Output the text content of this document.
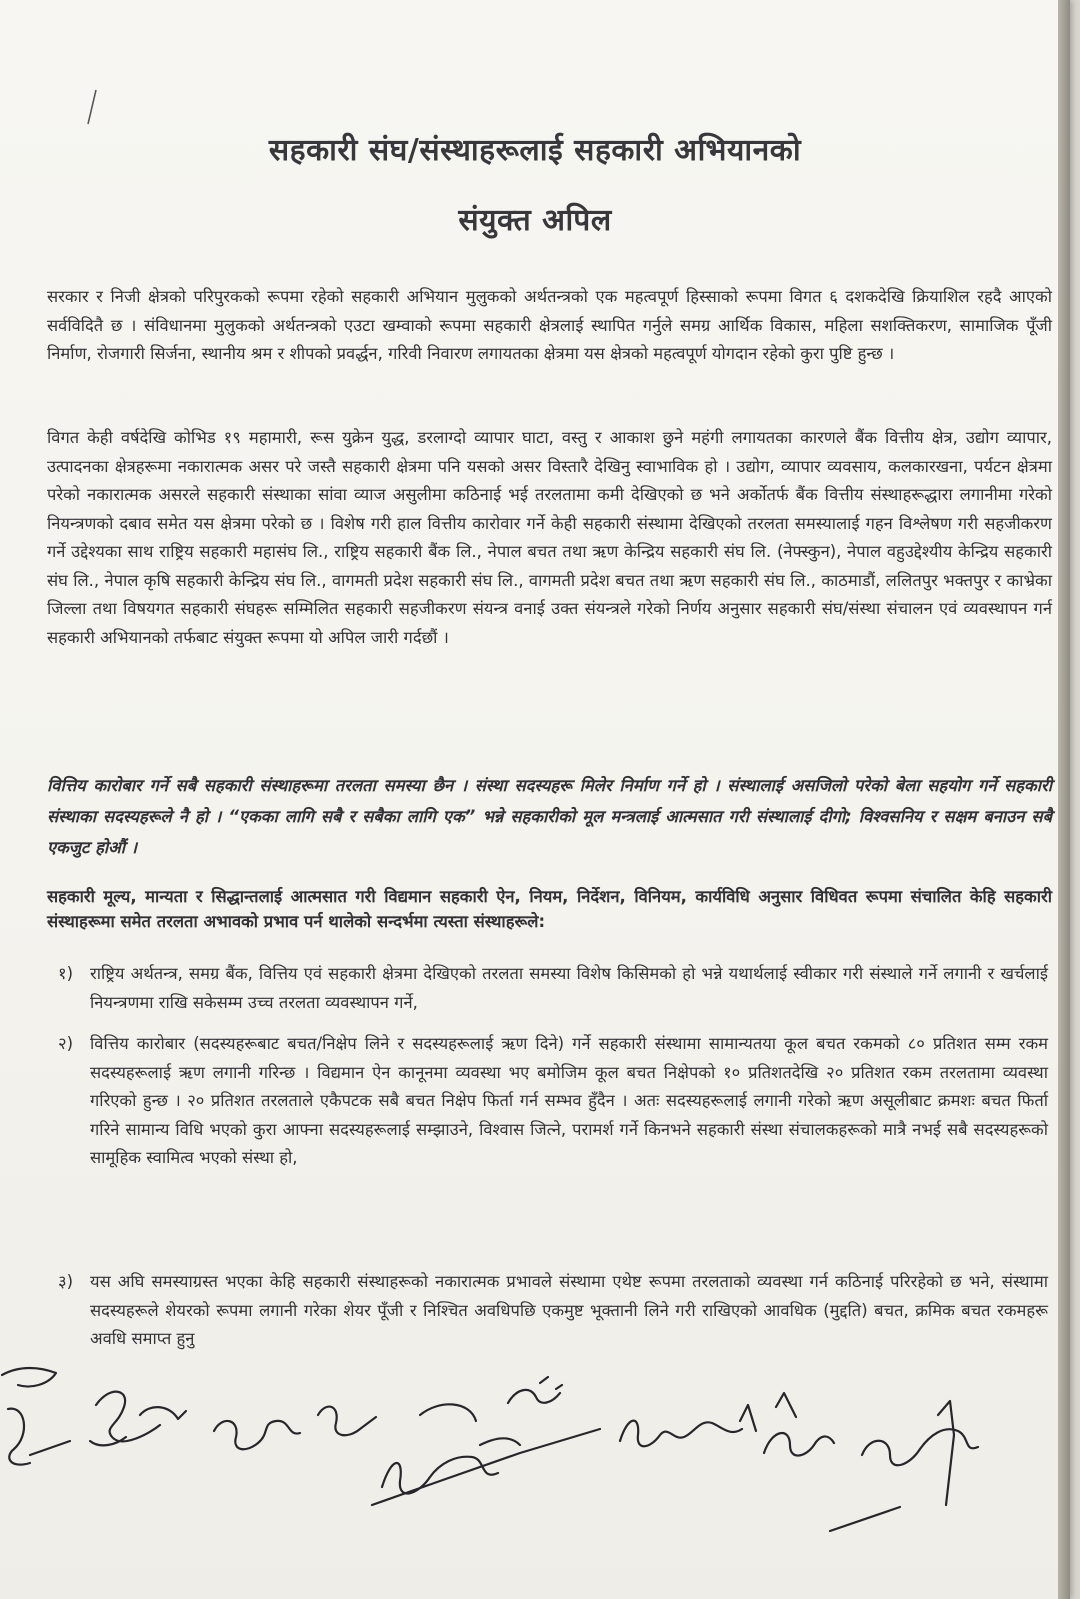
सहकारी संघ/संस्थाहरूलाई सहकारी अभियानको
संयुक्त अपिल
सरकार र निजी क्षेत्रको परिपुरकको रूपमा रहेको सहकारी अभियान मुलुकको अर्थतन्त्रको एक महत्वपूर्ण हिस्साको रूपमा विगत ६ दशकदेखि क्रियाशिल रहदै आएको सर्वविदितै छ । संविधानमा मुलुकको अर्थतन्त्रको एउटा खम्वाको रूपमा सहकारी क्षेत्रलाई स्थापित गर्नुले समग्र आर्थिक विकास, महिला सशक्तिकरण, सामाजिक पूँजी निर्माण, रोजगारी सिर्जना, स्थानीय श्रम र शीपको प्रवर्द्धन, गरिवी निवारण लगायतका क्षेत्रमा यस क्षेत्रको महत्वपूर्ण योगदान रहेको कुरा पुष्टि हुन्छ ।
विगत केही वर्षदेखि कोभिड १९ महामारी, रूस युक्रेन युद्ध, डरलाग्दो व्यापार घाटा, वस्तु र आकाश छुने महंगी लगायतका कारणले बैंक वित्तीय क्षेत्र, उद्योग व्यापार, उत्पादनका क्षेत्रहरूमा नकारात्मक असर परे जस्तै सहकारी क्षेत्रमा पनि यसको असर विस्तारै देखिनु स्वाभाविक हो । उद्योग, व्यापार व्यवसाय, कलकारखना, पर्यटन क्षेत्रमा परेको नकारात्मक असरले सहकारी संस्थाका सांवा व्याज असुलीमा कठिनाई भई तरलतामा कमी देखिएको छ भने अर्कोतर्फ बैंक वित्तीय संस्थाहरूद्धारा लगानीमा गरेको नियन्त्रणको दबाव समेत यस क्षेत्रमा परेको छ । विशेष गरी हाल वित्तीय कारोवार गर्ने केही सहकारी संस्थामा देखिएको तरलता समस्यालाई गहन विश्लेषण गरी सहजीकरण गर्ने उद्देश्यका साथ राष्ट्रिय सहकारी महासंघ लि., राष्ट्रिय सहकारी बैंक लि., नेपाल बचत तथा ऋण केन्द्रिय सहकारी संघ लि. (नेफ्स्कुन), नेपाल वहुउद्देश्यीय केन्द्रिय सहकारी संघ लि., नेपाल कृषि सहकारी केन्द्रिय संघ लि., वागमती प्रदेश सहकारी संघ लि., वागमती प्रदेश बचत तथा ऋण सहकारी संघ लि., काठमाडौं, ललितपुर भक्तपुर र काभ्रेका जिल्ला तथा विषयगत सहकारी संघहरू सम्मिलित सहकारी सहजीकरण संयन्त्र वनाई उक्त संयन्त्रले गरेको निर्णय अनुसार सहकारी संघ/संस्था संचालन एवं व्यवस्थापन गर्न सहकारी अभियानको तर्फबाट संयुक्त रूपमा यो अपिल जारी गर्दछौं ।
वित्तिय कारोबार गर्ने सबै सहकारी संस्थाहरूमा तरलता समस्या छैन । संस्था सदस्यहरू मिलेर निर्माण गर्ने हो । संस्थालाई असजिलो परेको बेला सहयोग गर्ने सहकारी संस्थाका सदस्यहरूले नै हो । “एकका लागि सबै र सबैका लागि एक” भन्ने सहकारीको मूल मन्त्रलाई आत्मसात गरी संस्थालाई दीगो; विश्वसनिय र सक्षम बनाउन सबै एकजुट होऔं ।
सहकारी मूल्य, मान्यता र सिद्धान्तलाई आत्मसात गरी विद्यमान सहकारी ऐन, नियम, निर्देशन, विनियम, कार्यविधि अनुसार विधिवत रूपमा संचालित केहि सहकारी संस्थाहरूमा समेत तरलता अभावको प्रभाव पर्न थालेको सन्दर्भमा त्यस्ता संस्थाहरूले:
१)	राष्ट्रिय अर्थतन्त्र, समग्र बैंक, वित्तिय एवं सहकारी क्षेत्रमा देखिएको तरलता समस्या विशेष किसिमको हो भन्ने यथार्थलाई स्वीकार गरी संस्थाले गर्ने लगानी र खर्चलाई नियन्त्रणमा राखि सकेसम्म उच्च तरलता व्यवस्थापन गर्ने,
२)	वित्तिय कारोबार (सदस्यहरूबाट बचत/निक्षेप लिने र सदस्यहरूलाई ऋण दिने) गर्ने सहकारी संस्थामा सामान्यतया कूल बचत रकमको ८० प्रतिशत सम्म रकम सदस्यहरूलाई ऋण लगानी गरिन्छ । विद्यमान ऐन कानूनमा व्यवस्था भए बमोजिम कूल बचत निक्षेपको १० प्रतिशतदेखि २० प्रतिशत रकम तरलतामा व्यवस्था गरिएको हुन्छ । २० प्रतिशत तरलताले एकैपटक सबै बचत निक्षेप फिर्ता गर्न सम्भव हुँदैन । अतः सदस्यहरूलाई लगानी गरेको ऋण असूलीबाट क्रमशः बचत फिर्ता गरिने सामान्य विधि भएको कुरा आफ्ना सदस्यहरूलाई सम्झाउने, विश्वास जित्ने, परामर्श गर्ने किनभने सहकारी संस्था संचालकहरूको मात्रै नभई सबै सदस्यहरूको सामूहिक स्वामित्व भएको संस्था हो,
३)	यस अघि समस्याग्रस्त भएका केहि सहकारी संस्थाहरूको नकारात्मक प्रभावले संस्थामा एथेष्ट रूपमा तरलताको व्यवस्था गर्न कठिनाई परिरहेको छ भने, संस्थामा सदस्यहरूले शेयरको रूपमा लगानी गरेका शेयर पूँजी र निश्चित अवधिपछि एकमुष्ट भूक्तानी लिने गरी राखिएको आवधिक (मुद्दति) बचत, क्रमिक बचत रकमहरू अवधि समाप्त हुनु
